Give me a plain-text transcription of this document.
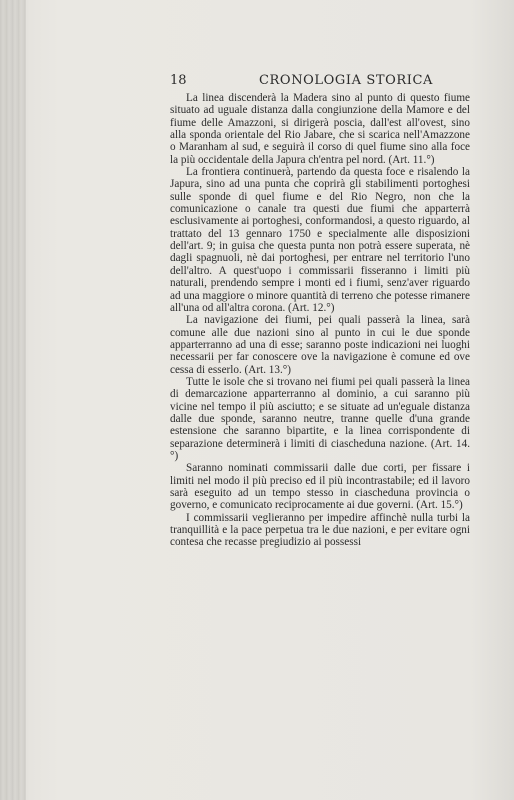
18	CRONOLOGIA STORICA

La linea discenderà la Madera sino al punto di questo fiume situato ad uguale distanza dalla congiunzione della Mamore e del fiume delle Amazzoni, si dirigerà poscia, dall'est all'ovest, sino alla sponda orientale del Rio Jabare, che si scarica nell'Amazzone o Maranham al sud, e seguirà il corso di quel fiume sino alla foce la più occidentale della Japura ch'entra pel nord. (Art. 11.°)

La frontiera continuerà, partendo da questa foce e risalendo la Japura, sino ad una punta che coprirà gli stabilimenti portoghesi sulle sponde di quel fiume e del Rio Negro, non che la comunicazione o canale tra questi due fiumi che apparterrà esclusivamente ai portoghesi, conformandosi, a questo riguardo, al trattato del 13 gennaro 1750 e specialmente alle disposizioni dell'art. 9; in guisa che questa punta non potrà essere superata, nè dagli spagnuoli, nè dai portoghesi, per entrare nel territorio l'uno dell'altro. A quest'uopo i commissarii fisseranno i limiti più naturali, prendendo sempre i monti ed i fiumi, senz'aver riguardo ad una maggiore o minore quantità di terreno che potesse rimanere all'una od all'altra corona. (Art. 12.°)

La navigazione dei fiumi, pei quali passerà la linea, sarà comune alle due nazioni sino al punto in cui le due sponde apparterranno ad una di esse; saranno poste indicazioni nei luoghi necessarii per far conoscere ove la navigazione è comune ed ove cessa di esserlo. (Art. 13.°)

Tutte le isole che si trovano nei fiumi pei quali passerà la linea di demarcazione apparterranno al dominio, a cui saranno più vicine nel tempo il più asciutto; e se situate ad un'eguale distanza dalle due sponde, saranno neutre, tranne quelle d'una grande estensione che saranno bipartite, e la linea corrispondente di separazione determinerà i limiti di ciascheduna nazione. (Art. 14.°)

Saranno nominati commissarii dalle due corti, per fissare i limiti nel modo il più preciso ed il più incontrastabile; ed il lavoro sarà eseguito ad un tempo stesso in ciascheduna provincia o governo, e comunicato reciprocamente ai due governi. (Art. 15.°)

I commissarii veglieranno per impedire affinchè nulla turbi la tranquillità e la pace perpetua tra le due nazioni, e per evitare ogni contesa che recasse pregiudizio ai possessi
